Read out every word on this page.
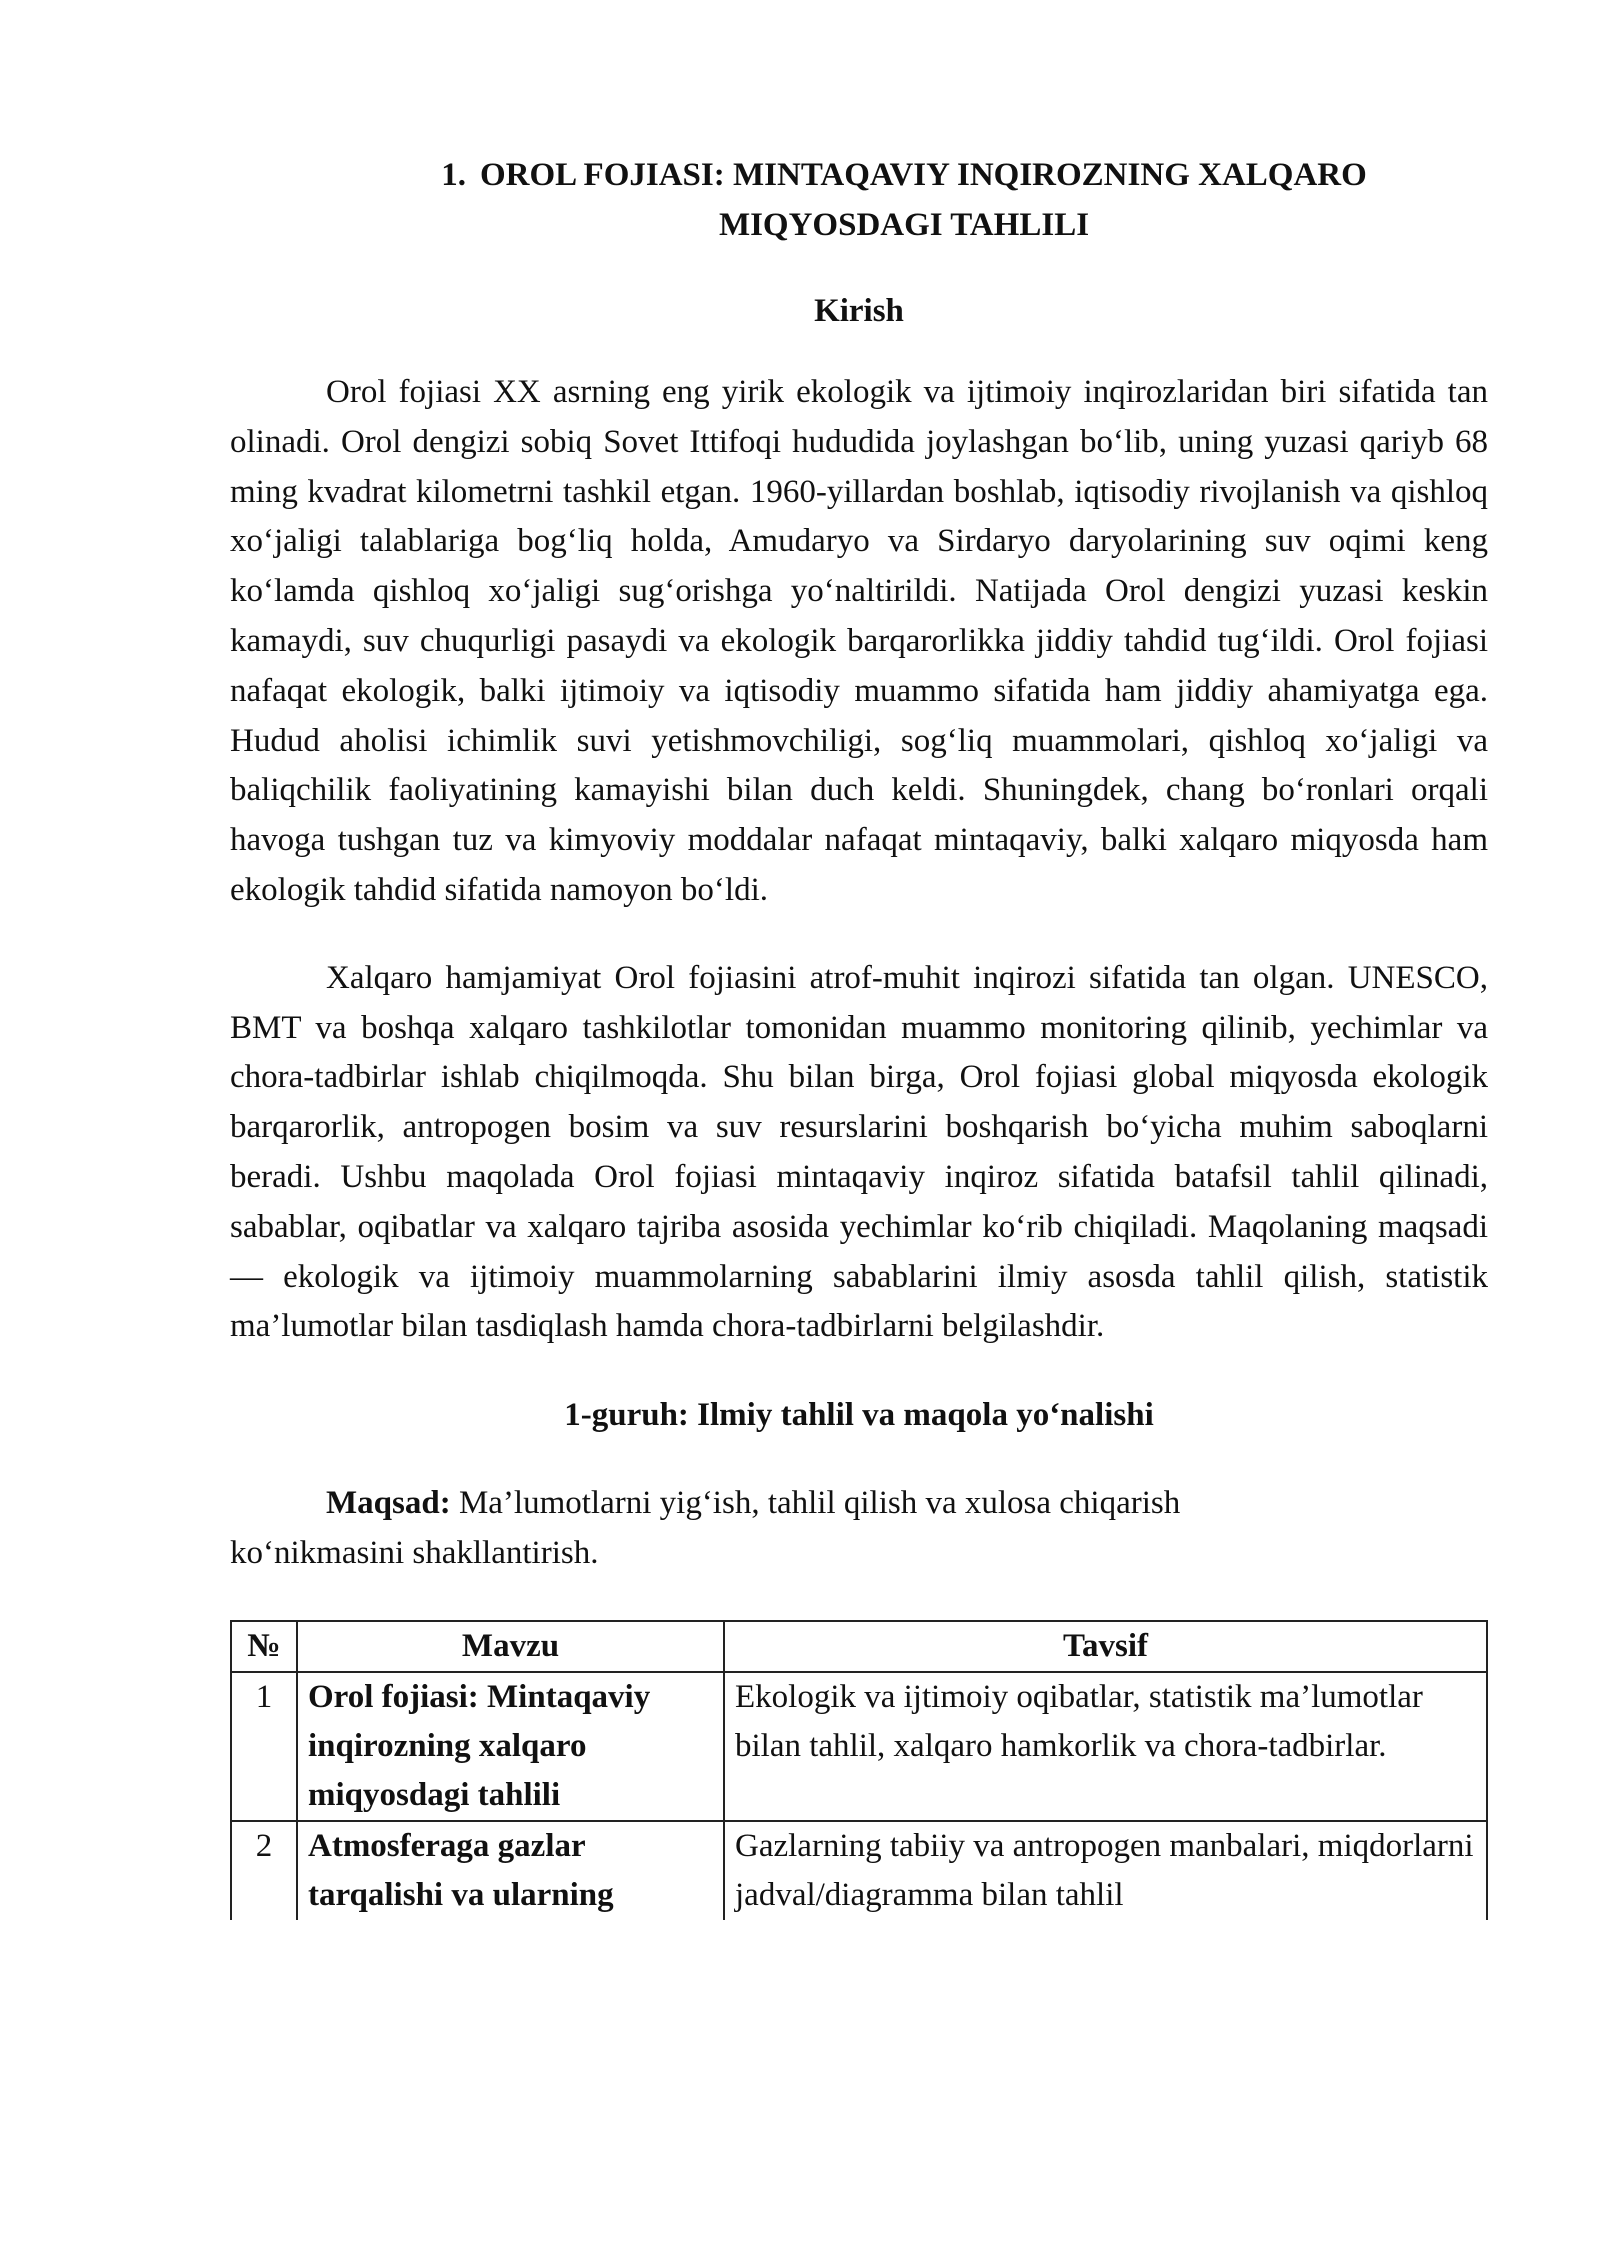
1. OROL FOJIASI: MINTAQAVIY INQIROZNING XALQARO
MIQYOSDAGI TAHLILI
Kirish

Orol fojiasi XX asrning eng yirik ekologik va ijtimoiy inqirozlaridan biri sifatida tan olinadi. Orol dengizi sobiq Sovet Ittifoqi hududida joylashgan bo‘lib, uning yuzasi qariyb 68 ming kvadrat kilometrni tashkil etgan. 1960-yillardan boshlab, iqtisodiy rivojlanish va qishloq xo‘jaligi talablariga bog‘liq holda, Amudaryo va Sirdaryo daryolarining suv oqimi keng ko‘lamda qishloq xo‘jaligi sug‘orishga yo‘naltirildi. Natijada Orol dengizi yuzasi keskin kamaydi, suv chuqurligi pasaydi va ekologik barqarorlikka jiddiy tahdid tug‘ildi. Orol fojiasi nafaqat ekologik, balki ijtimoiy va iqtisodiy muammo sifatida ham jiddiy ahamiyatga ega. Hudud aholisi ichimlik suvi yetishmovchiligi, sog‘liq muammolari, qishloq xo‘jaligi va baliqchilik faoliyatining kamayishi bilan duch keldi. Shuningdek, chang bo‘ronlari orqali havoga tushgan tuz va kimyoviy moddalar nafaqat mintaqaviy, balki xalqaro miqyosda ham ekologik tahdid sifatida namoyon bo‘ldi.

Xalqaro hamjamiyat Orol fojiasini atrof-muhit inqirozi sifatida tan olgan. UNESCO, BMT va boshqa xalqaro tashkilotlar tomonidan muammo monitoring qilinib, yechimlar va chora-tadbirlar ishlab chiqilmoqda. Shu bilan birga, Orol fojiasi global miqyosda ekologik barqarorlik, antropogen bosim va suv resurslarini boshqarish bo‘yicha muhim saboqlarni beradi. Ushbu maqolada Orol fojiasi mintaqaviy inqiroz sifatida batafsil tahlil qilinadi, sabablar, oqibatlar va xalqaro tajriba asosida yechimlar ko‘rib chiqiladi. Maqolaning maqsadi — ekologik va ijtimoiy muammolarning sabablarini ilmiy asosda tahlil qilish, statistik ma’lumotlar bilan tasdiqlash hamda chora-tadbirlarni belgilashdir.

1-guruh: Ilmiy tahlil va maqola yo‘nalishi

Maqsad: Ma’lumotlarni yig‘ish, tahlil qilish va xulosa chiqarish ko‘nikmasini shakllantirish.

№	Mavzu	Tavsif
1	Orol fojiasi: Mintaqaviy inqirozning xalqaro miqyosdagi tahlili	Ekologik va ijtimoiy oqibatlar, statistik ma’lumotlar bilan tahlil, xalqaro hamkorlik va chora-tadbirlar.
2	Atmosferaga gazlar tarqalishi va ularning	Gazlarning tabiiy va antropogen manbalari, miqdorlarni jadval/diagramma bilan tahlil
